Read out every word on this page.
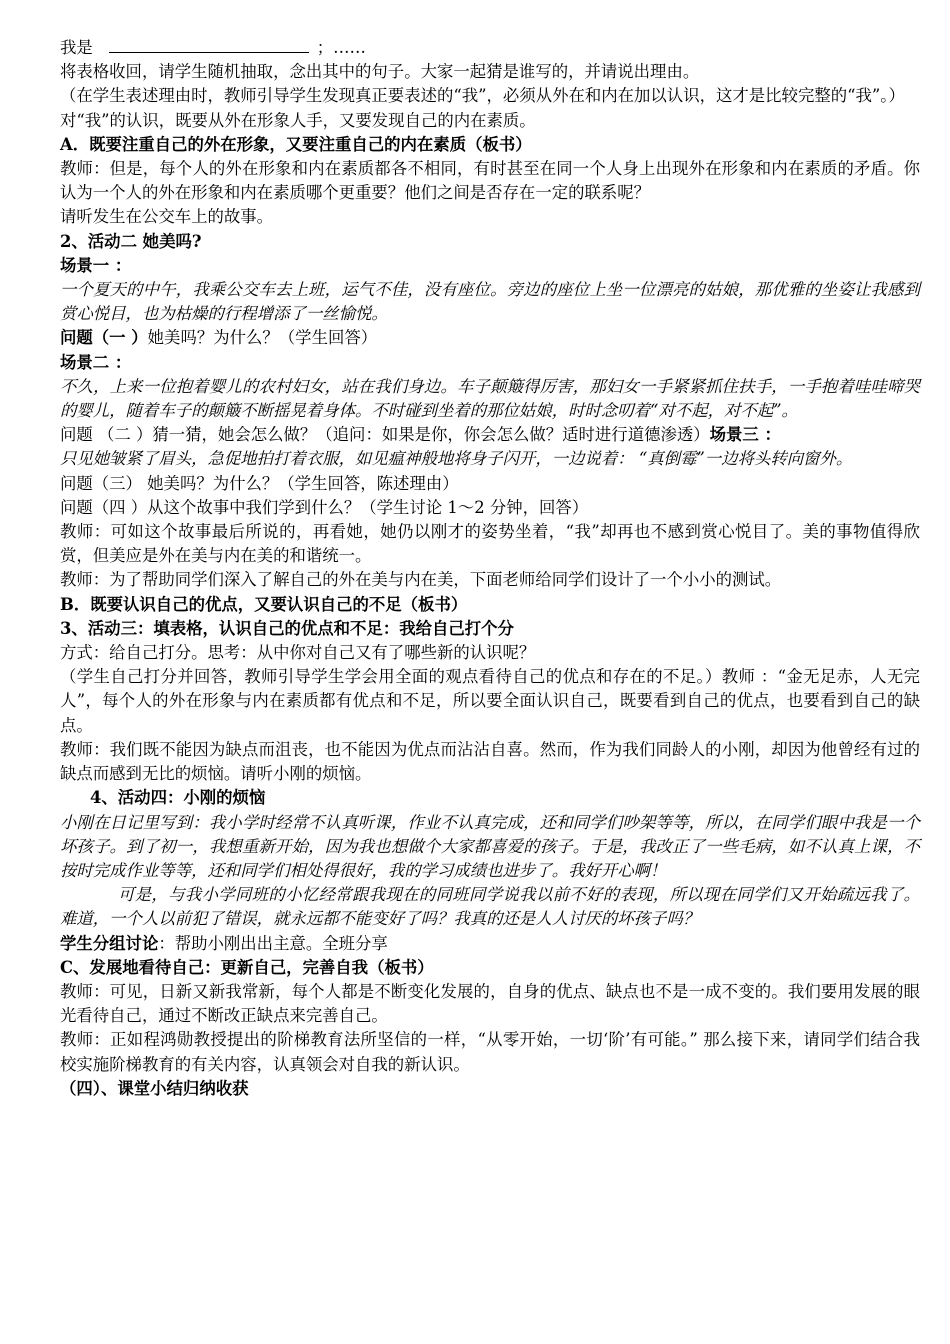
我是	；……

将表格收回，请学生随机抽取，念出其中的句子。大家一起猜是谁写的，并请说出理由。

（在学生表述理由时，教师引导学生发现真正要表述的“我”，必须从外在和内在加以认识，这才是比较完整的“我”。）

对“我”的认识，既要从外在形象人手，又要发现自己的内在素质。

A．既要注重自己的外在形象，又要注重自己的内在素质（板书）

教师：但是，每个人的外在形象和内在素质都各不相同，有时甚至在同一个人身上出现外在形象和内在素质的矛盾。你认为一个人的外在形象和内在素质哪个更重要？他们之间是否存在一定的联系呢？

请听发生在公交车上的故事。

2、活动二 她美吗?

场景一 ：

一个夏天的中午，我乘公交车去上班，运气不佳，没有座位。旁边的座位上坐一位漂亮的姑娘，那优雅的坐姿让我感到赏心悦目，也为枯燥的行程增添了一丝愉悦。

问题（一 ）她美吗？为什么？（学生回答）

场景二 ：

不久，上来一位抱着婴儿的农村妇女，站在我们身边。车子颠簸得厉害，那妇女一手紧紧抓住扶手，一手抱着哇哇啼哭的婴儿，随着车子的颠簸不断摇晃着身体。不时碰到坐着的那位姑娘，时时念叨着“对不起，对不起”。

问题 （二 ）猜一猜，她会怎么做？（追问：如果是你，你会怎么做？适时进行道德渗透）场景三 ：
只见她皱紧了眉头，急促地拍打着衣服，如见瘟神般地将身子闪开，一边说着： “真倒霉”一边将头转向窗外。

问题（三） 她美吗？为什么？（学生回答，陈述理由）

问题（四 ）从这个故事中我们学到什么？（学生讨论 1～2 分钟，回答）

教师：可如这个故事最后所说的，再看她，她仍以刚才的姿势坐着，“我”却再也不感到赏心悦目了。美的事物值得欣赏，但美应是外在美与内在美的和谐统一。

教师：为了帮助同学们深入了解自己的外在美与内在美，下面老师给同学们设计了一个小小的测试。

B．既要认识自己的优点，又要认识自己的不足（板书）

3、活动三：填表格，认识自己的优点和不足：我给自己打个分

方式：给自己打分。思考：从中你对自己又有了哪些新的认识呢？

（学生自己打分并回答，教师引导学生学会用全面的观点看待自己的优点和存在的不足。）教师 ：“金无足赤，人无完人”，每个人的外在形象与内在素质都有优点和不足，所以要全面认识自己，既要看到自己的优点，也要看到自己的缺点。

教师：我们既不能因为缺点而沮丧，也不能因为优点而沾沾自喜。然而，作为我们同龄人的小刚，却因为他曾经有过的缺点而感到无比的烦恼。请听小刚的烦恼。

4、活动四：小刚的烦恼

小刚在日记里写到：我小学时经常不认真听课，作业不认真完成，还和同学们吵架等等，所以，在同学们眼中我是一个坏孩子。到了初一，我想重新开始，因为我也想做个大家都喜爱的孩子。于是，我改正了一些毛病，如不认真上课，不按时完成作业等等，还和同学们相处得很好，我的学习成绩也进步了。我好开心啊！

可是，与我小学同班的小忆经常跟我现在的同班同学说我以前不好的表现，所以现在同学们又开始疏远我了。难道，一个人以前犯了错误，就永远都不能变好了吗？我真的还是人人讨厌的坏孩子吗？

学生分组讨论：帮助小刚出出主意。全班分享

C、发展地看待自己：更新自己，完善自我（板书）

教师：可见，日新又新我常新，每个人都是不断变化发展的，自身的优点、缺点也不是一成不变的。我们要用发展的眼光看待自己，通过不断改正缺点来完善自己。

教师：正如程鸿勋教授提出的阶梯教育法所坚信的一样，“从零开始，一切‘阶’有可能。” 那么接下来，请同学们结合我校实施阶梯教育的有关内容，认真领会对自我的新认识。

（四）、课堂小结归纳收获
